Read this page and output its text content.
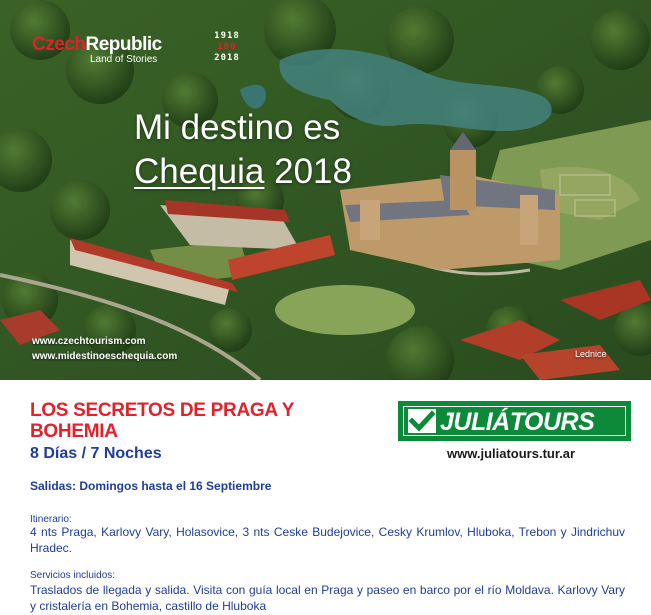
CzechRepublic
Land of Stories
1918
100
2018
Mi destino es
Chequia 2018
www.czechtourism.com
www.midestinoeschequia.com	Lednice
LOS SECRETOS DE PRAGA Y BOHEMIA
8 Días / 7 Noches
Salidas: Domingos hasta el 16 Septiembre
Itinerario:
4 nts Praga, Karlovy Vary, Holasovice, 3 nts Ceske Budejovice, Cesky Krumlov, Hluboka, Trebon y Jindrichuv Hradec.
Servicios incluidos:
Traslados de llegada y salida. Visita con guía local en Praga y paseo en barco por el río Moldava. Karlovy Vary y cristalería en Bohemia, castillo de Hluboka
JULIÁTOURS
www.juliatours.tur.ar
